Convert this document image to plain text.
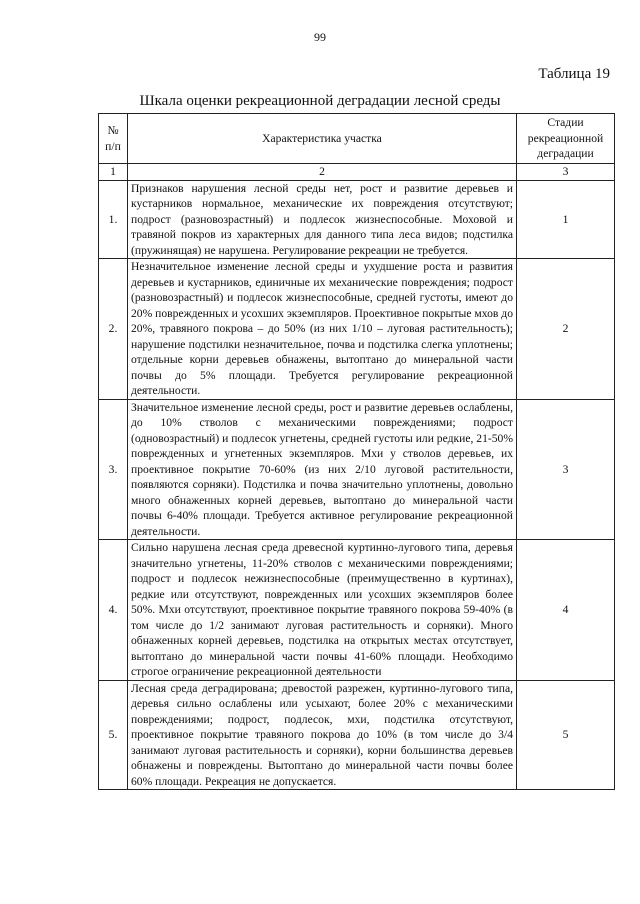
99
Таблица 19
Шкала оценки рекреационной деградации лесной среды
№ п/п	Характеристика участка	Стадии рекреационной деградации
1	2	3
1.	Признаков нарушения лесной среды нет, рост и развитие деревьев и кустарников нормальное, механические их повреждения отсутствуют; подрост (разновозрастный) и подлесок жизнеспособные. Моховой и травяной покров из характерных для данного типа леса видов; подстилка (пружинящая) не нарушена. Регулирование рекреации не требуется.	1
2.	Незначительное изменение лесной среды и ухудшение роста и развития деревьев и кустарников, единичные их механические повреждения; подрост (разновозрастный) и подлесок жизнеспособные, средней густоты, имеют до 20% поврежденных и усохших экземпляров. Проективное покрытые мхов до 20%, травяного покрова – до 50% (из них 1/10 – луговая растительность); нарушение подстилки незначительное, почва и подстилка слегка уплотнены; отдельные корни деревьев обнажены, вытоптано до минеральной части почвы до 5% площади. Требуется регулирование рекреационной деятельности.	2
3.	Значительное изменение лесной среды, рост и развитие деревьев ослаблены, до 10% стволов с механическими повреждениями; подрост (одновозрастный) и подлесок угнетены, средней густоты или редкие, 21-50% поврежденных и угнетенных экземпляров. Мхи у стволов деревьев, их проективное покрытие 70-60% (из них 2/10 луговой растительности, появляются сорняки). Подстилка и почва значительно уплотнены, довольно много обнаженных корней деревьев, вытоптано до минеральной части почвы 6-40% площади. Требуется активное регулирование рекреационной деятельности.	3
4.	Сильно нарушена лесная среда древесной куртинно-лугового типа, деревья значительно угнетены, 11-20% стволов с механическими повреждениями; подрост и подлесок нежизнеспособные (преимущественно в куртинах), редкие или отсутствуют, поврежденных или усохших экземпляров более 50%. Мхи отсутствуют, проективное покрытие травяного покрова 59-40% (в том числе до 1/2 занимают луговая растительность и сорняки). Много обнаженных корней деревьев, подстилка на открытых местах отсутствует, вытоптано до минеральной части почвы 41-60% площади. Необходимо строгое ограничение рекреационной деятельности	4
5.	Лесная среда деградирована; древостой разрежен, куртинно-лугового типа, деревья сильно ослаблены или усыхают, более 20% с механическими повреждениями; подрост, подлесок, мхи, подстилка отсутствуют, проективное покрытие травяного покрова до 10% (в том числе до 3/4 занимают луговая растительность и сорняки), корни большинства деревьев обнажены и повреждены. Вытоптано до минеральной части почвы более 60% площади. Рекреация не допускается.	5
